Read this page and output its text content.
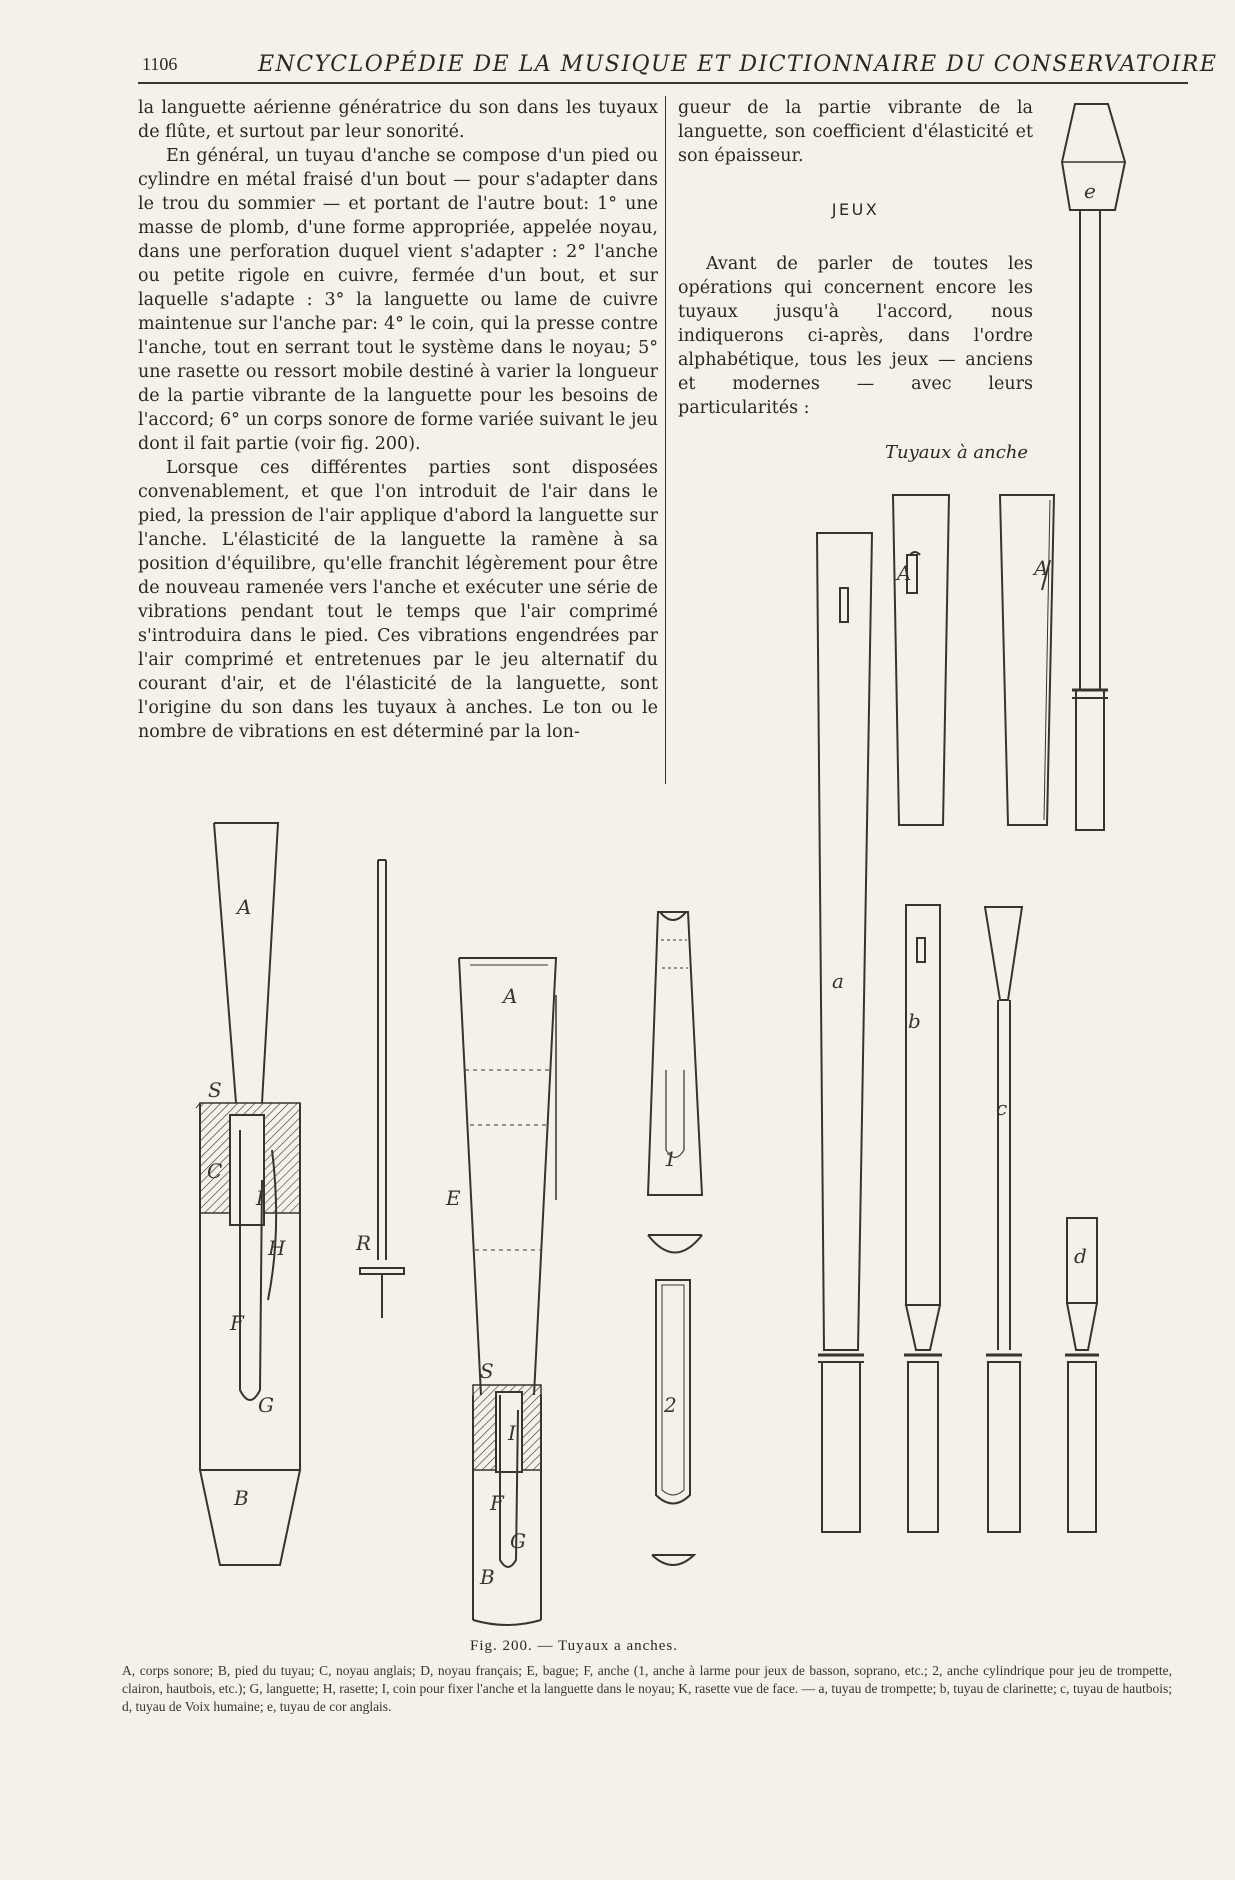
1106	ENCYCLOPÉDIE DE LA MUSIQUE ET DICTIONNAIRE DU CONSERVATOIRE

la languette aérienne génératrice du son dans les tuyaux de flûte, et surtout par leur sonorité.

En général, un tuyau d'anche se compose d'un pied ou cylindre en métal fraisé d'un bout — pour s'adapter dans le trou du sommier — et portant de l'autre bout: 1° une masse de plomb, d'une forme appropriée, appelée noyau, dans une perforation duquel vient s'adapter : 2° l'anche ou petite rigole en cuivre, fermée d'un bout, et sur laquelle s'adapte : 3° la languette ou lame de cuivre maintenue sur l'anche par: 4° le coin, qui la presse contre l'anche, tout en serrant tout le système dans le noyau; 5° une rasette ou ressort mobile destiné à varier la longueur de la partie vibrante de la languette pour les besoins de l'accord; 6° un corps sonore de forme variée suivant le jeu dont il fait partie (voir fig. 200).

Lorsque ces différentes parties sont disposées convenablement, et que l'on introduit de l'air dans le pied, la pression de l'air applique d'abord la languette sur l'anche. L'élasticité de la languette la ramène à sa position d'équilibre, qu'elle franchit légèrement pour être de nouveau ramenée vers l'anche et exécuter une série de vibrations pendant tout le temps que l'air comprimé s'introduira dans le pied. Ces vibrations engendrées par l'air comprimé et entretenues par le jeu alternatif du courant d'air, et de l'élasticité de la languette, sont l'origine du son dans les tuyaux à anches. Le ton ou le nombre de vibrations en est déterminé par la lon-

gueur de la partie vibrante de la languette, son coefficient d'élasticité et son épaisseur.

JEUX

Avant de parler de toutes les opérations qui concernent encore les tuyaux jusqu'à l'accord, nous indiquerons ci-après, dans l'ordre alphabétique, tous les jeux — anciens et modernes — avec leurs particularités :

Tuyaux à anche
A
S
C
I
H
F
G
B
R
A
E
S
I
F
G
B
1
2
A	A
a
b
c
d
e
Fig. 200. — Tuyaux a anches.
A, corps sonore; B, pied du tuyau; C, noyau anglais; D, noyau français; E, bague; F, anche (1, anche à larme pour jeux de basson, soprano, etc.; 2, anche cylindrique pour jeu de trompette, clairon, hautbois, etc.); G, languette; H, rasette; I, coin pour fixer l'anche et la languette dans le noyau; K, rasette vue de face. — a, tuyau de trompette; b, tuyau de clarinette; c, tuyau de hautbois; d, tuyau de Voix humaine; e, tuyau de cor anglais.
